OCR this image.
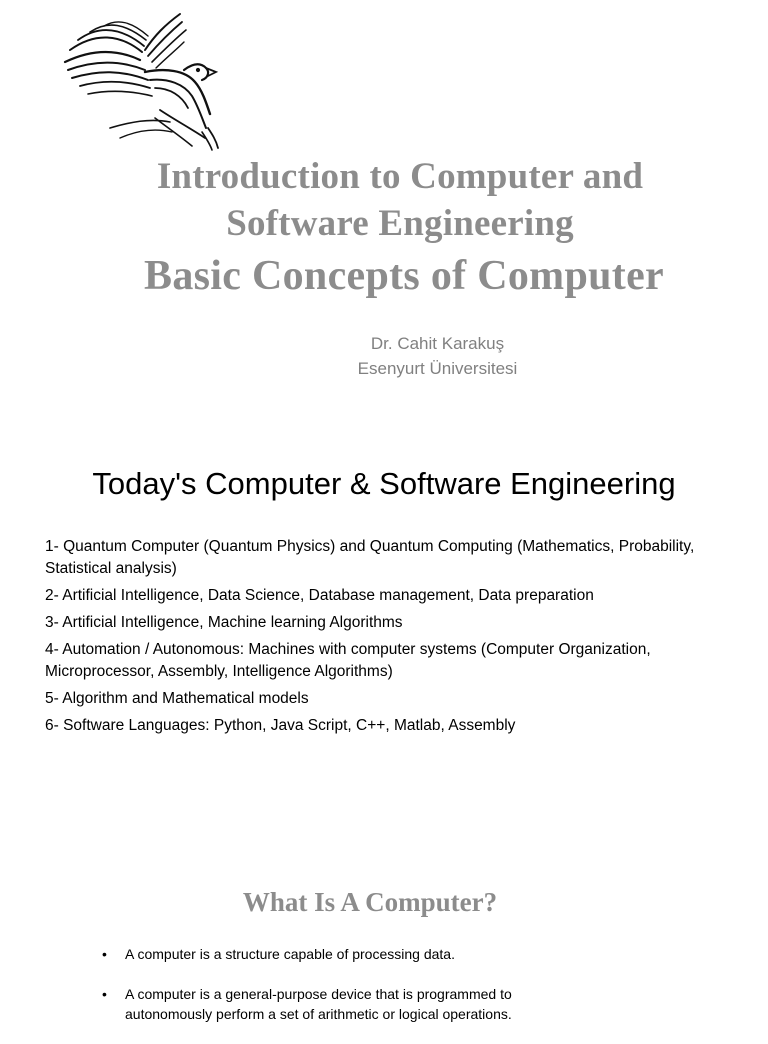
Introduction to Computer and
Software Engineering
Basic Concepts of Computer
Dr. Cahit Karakuş
Esenyurt Üniversitesi
Today's Computer & Software Engineering
1- Quantum Computer (Quantum Physics) and Quantum Computing (Mathematics, Probability, Statistical analysis)
2- Artificial Intelligence, Data Science, Database management, Data preparation
3- Artificial Intelligence, Machine learning Algorithms
4- Automation / Autonomous: Machines with computer systems (Computer Organization, Microprocessor, Assembly, Intelligence Algorithms)
5- Algorithm and Mathematical models
6- Software Languages: Python, Java Script, C++, Matlab, Assembly
What Is A Computer?
• A computer is a structure capable of processing data.
• A computer is a general-purpose device that is programmed to autonomously perform a set of arithmetic or logical operations.
